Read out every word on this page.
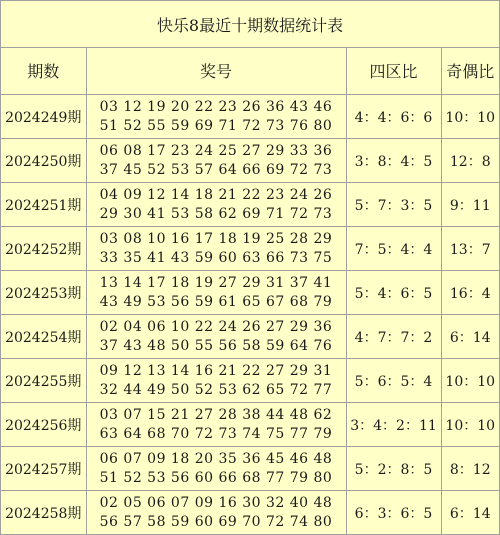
快乐8最近十期数据统计表
期数	奖号	四区比	奇偶比
2024249期	03 12 19 20 22 23 26 36 43 46
51 52 55 59 69 71 72 73 76 80	4：4：6：6	10：10
2024250期	06 08 17 23 24 25 27 29 33 36
37 45 52 53 57 64 66 69 72 73	3：8：4：5	12：8
2024251期	04 09 12 14 18 21 22 23 24 26
29 30 41 53 58 62 69 71 72 73	5：7：3：5	9：11
2024252期	03 08 10 16 17 18 19 25 28 29
33 35 41 43 59 60 63 66 73 75	7：5：4：4	13：7
2024253期	13 14 17 18 19 27 29 31 37 41
43 49 53 56 59 61 65 67 68 79	5：4：6：5	16：4
2024254期	02 04 06 10 22 24 26 27 29 36
37 43 48 50 55 56 58 59 64 76	4：7：7：2	6：14
2024255期	09 12 13 14 16 21 22 27 29 31
32 44 49 50 52 53 62 65 72 77	5：6：5：4	10：10
2024256期	03 07 15 21 27 28 38 44 48 62
63 64 68 70 72 73 74 75 77 79	3：4：2：11	10：10
2024257期	06 07 09 18 20 35 36 45 46 48
51 52 53 56 60 66 68 77 79 80	5：2：8：5	8：12
2024258期	02 05 06 07 09 16 30 32 40 48
56 57 58 59 60 69 70 72 74 80	6：3：6：5	6：14
